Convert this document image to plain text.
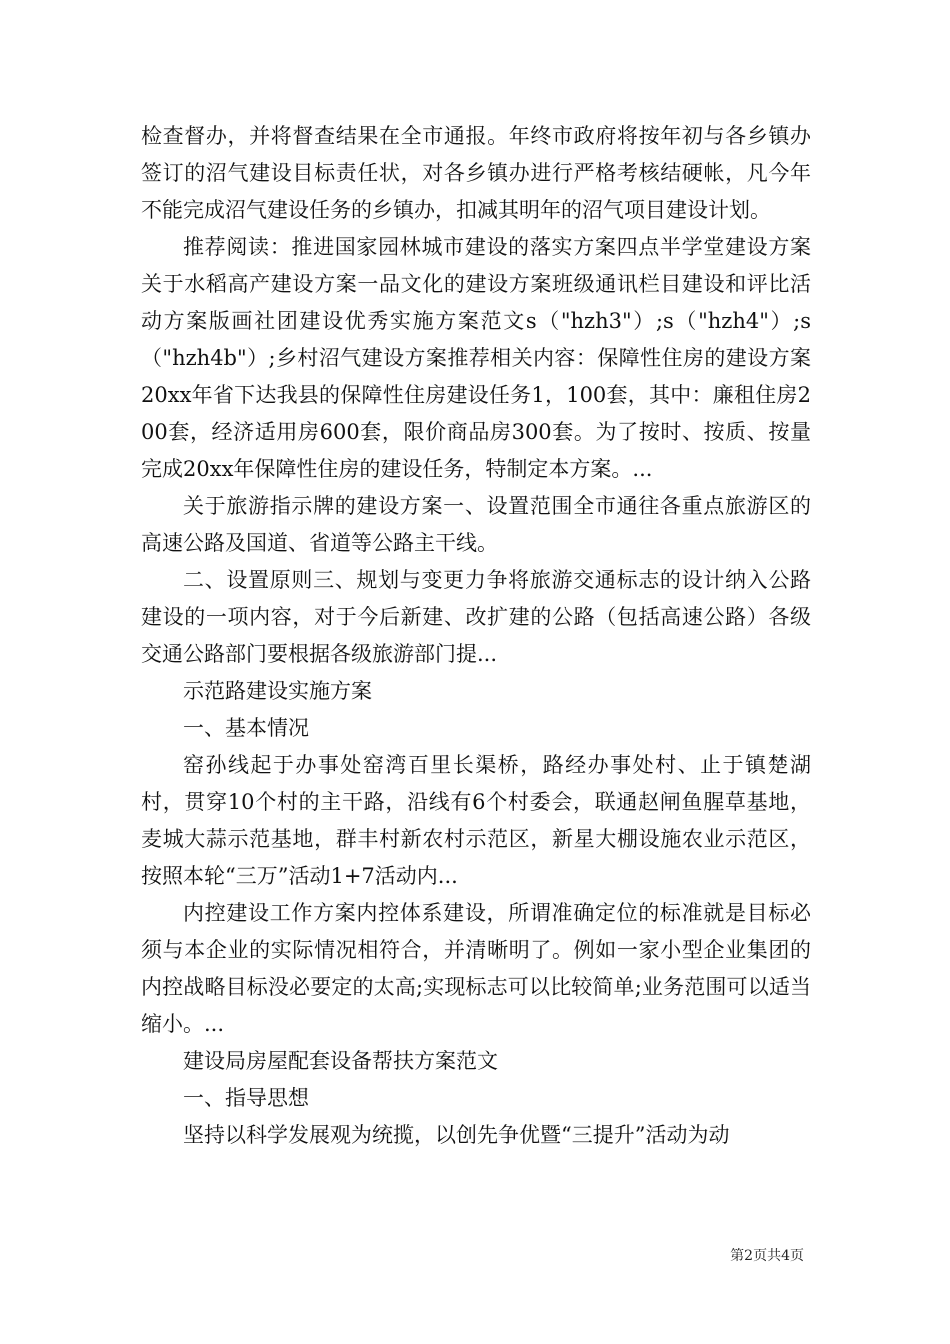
检查督办，并将督查结果在全市通报。年终市政府将按年初与各乡镇办签订的沼气建设目标责任状，对各乡镇办进行严格考核结硬帐，凡今年不能完成沼气建设任务的乡镇办，扣减其明年的沼气项目建设计划。

推荐阅读：推进国家园林城市建设的落实方案四点半学堂建设方案关于水稻高产建设方案一品文化的建设方案班级通讯栏目建设和评比活动方案版画社团建设优秀实施方案范文s（"hzh3"）;s（"hzh4"）;s（"hzh4b"）;乡村沼气建设方案推荐相关内容：保障性住房的建设方案20xx年省下达我县的保障性住房建设任务1，100套，其中：廉租住房200套，经济适用房600套，限价商品房300套。为了按时、按质、按量完成20xx年保障性住房的建设任务，特制定本方案。...

关于旅游指示牌的建设方案一、设置范围全市通往各重点旅游区的高速公路及国道、省道等公路主干线。

二、设置原则三、规划与变更力争将旅游交通标志的设计纳入公路建设的一项内容，对于今后新建、改扩建的公路（包括高速公路）各级交通公路部门要根据各级旅游部门提...

示范路建设实施方案

一、基本情况

窑孙线起于办事处窑湾百里长渠桥，路经办事处村、止于镇楚湖村，贯穿10个村的主干路，沿线有6个村委会，联通赵闸鱼腥草基地，麦城大蒜示范基地，群丰村新农村示范区，新星大棚设施农业示范区，按照本轮“三万”活动1+7活动内...

内控建设工作方案内控体系建设，所谓准确定位的标准就是目标必须与本企业的实际情况相符合，并清晰明了。例如一家小型企业集团的内控战略目标没必要定的太高;实现标志可以比较简单;业务范围可以适当缩小。...

建设局房屋配套设备帮扶方案范文

一、指导思想

坚持以科学发展观为统揽，以创先争优暨“三提升”活动为动

第2页共4页
